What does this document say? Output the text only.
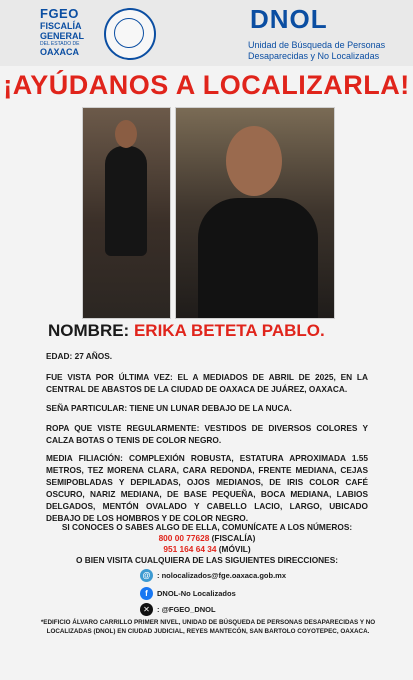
FGEO
FISCALÍA
GENERAL
DEL ESTADO DE
OAXACA
DNOL
Unidad de Búsqueda de Personas Desaparecidas y No Localizadas
¡AYÚDANOS A LOCALIZARLA!
NOMBRE: ERIKA BETETA PABLO.
EDAD: 27 AÑOS.
FUE VISTA POR ÚLTIMA VEZ: EL A MEDIADOS DE ABRIL DE 2025, EN LA CENTRAL DE ABASTOS DE LA CIUDAD DE OAXACA DE JUÁREZ, OAXACA.
SEÑA PARTICULAR: TIENE UN LUNAR DEBAJO DE LA NUCA.
ROPA QUE VISTE REGULARMENTE: VESTIDOS DE DIVERSOS COLORES Y CALZA BOTAS O TENIS DE COLOR NEGRO.
MEDIA FILIACIÓN: COMPLEXIÓN ROBUSTA, ESTATURA APROXIMADA 1.55 METROS, TEZ MORENA CLARA, CARA REDONDA, FRENTE MEDIANA, CEJAS SEMIPOBLADAS Y DEPILADAS, OJOS MEDIANOS, DE IRIS COLOR CAFÉ OSCURO, NARIZ MEDIANA, DE BASE PEQUEÑA, BOCA MEDIANA, LABIOS DELGADOS, MENTÓN OVALADO Y CABELLO LACIO, LARGO, UBICADO DEBAJO DE LOS HOMBROS Y DE COLOR NEGRO.
SI CONOCES O SABES ALGO DE ELLA, COMUNÍCATE A LOS NÚMEROS:
800 00 77628 (FISCALÍA)
951 164 64 34 (MÓVIL)
O BIEN VISITA CUALQUIERA DE LAS SIGUIENTES DIRECCIONES:
@ : nolocalizados@fge.oaxaca.gob.mx
f	DNOL-No Localizados
✕ : @FGEO_DNOL
*EDIFICIO ÁLVARO CARRILLO PRIMER NIVEL, UNIDAD DE BÚSQUEDA DE PERSONAS DESAPARECIDAS Y NO LOCALIZADAS (DNOL) EN CIUDAD JUDICIAL, REYES MANTECÓN, SAN BARTOLO COYOTEPEC, OAXACA.
